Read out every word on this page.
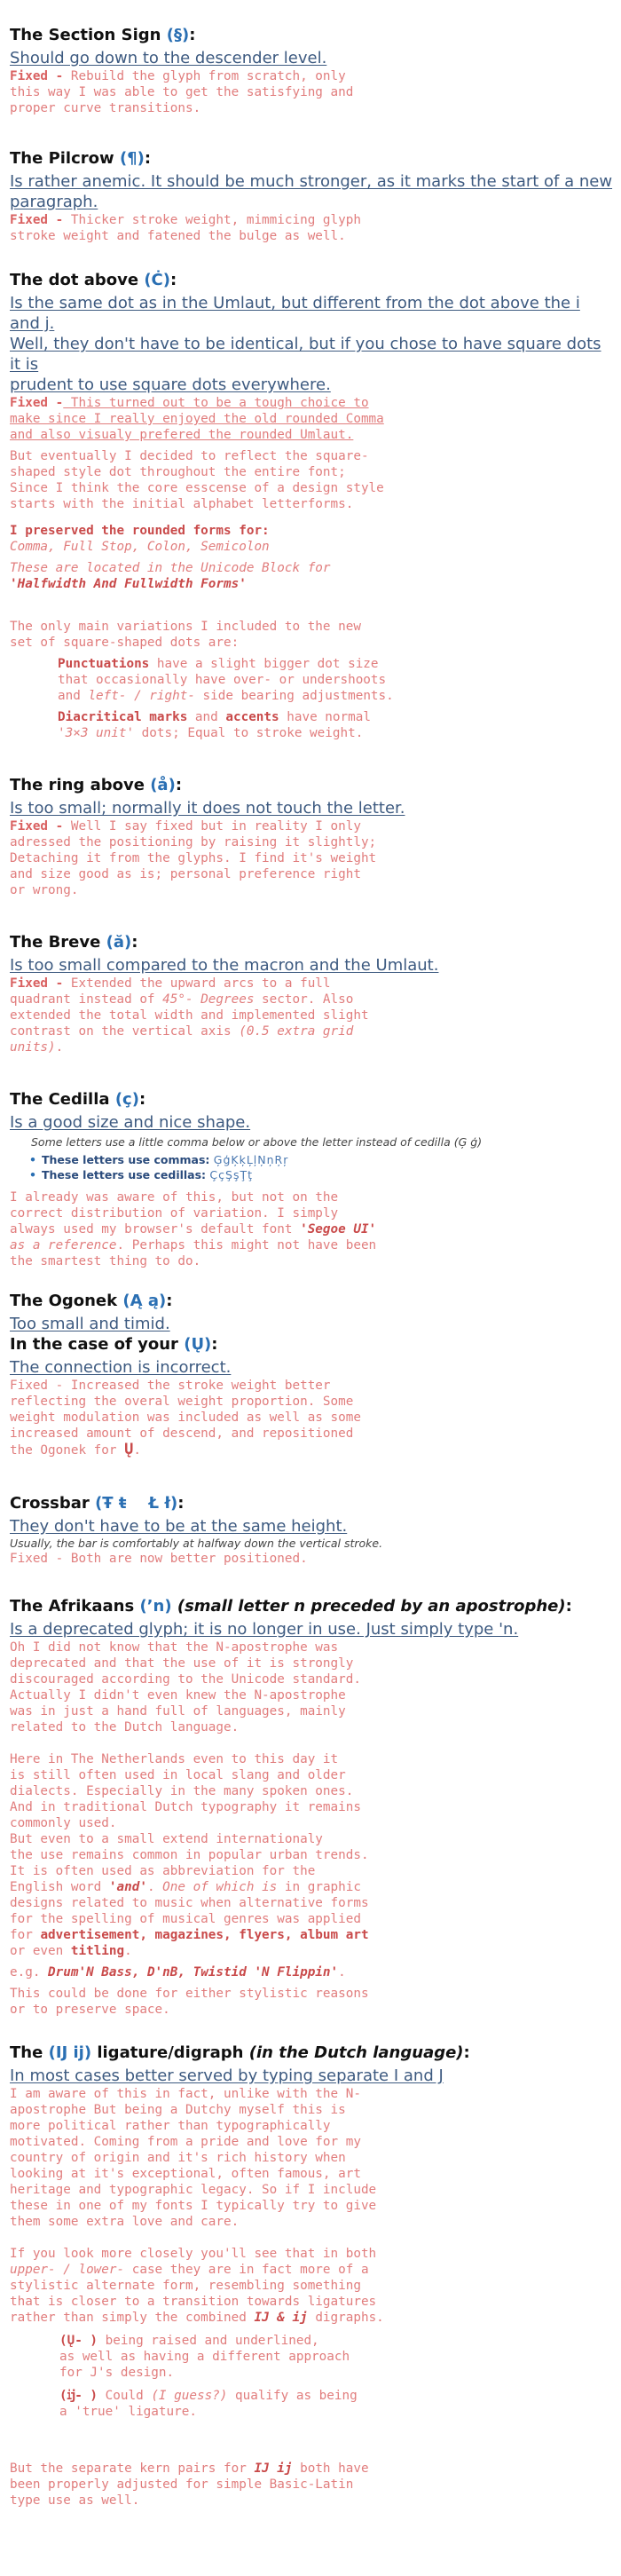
The Section Sign (§):

Should go down to the descender level.

Fixed - Rebuild the glyph from scratch, only

this way I was able to get the satisfying and

proper curve transitions.

The Pilcrow (¶):

Is rather anemic. It should be much stronger, as it marks the start of a new

paragraph.

Fixed - Thicker stroke weight, mimmicing glyph

stroke weight and fatened the bulge as well.

The dot above (Ċ):

Is the same dot as in the Umlaut, but different from the dot above the i and j.

Well, they don't have to be identical, but if you chose to have square dots it is

prudent to use square dots everywhere.

Fixed - This turned out to be a tough choice to

make since I really enjoyed the old rounded Comma

and also visualy prefered the rounded Umlaut.

But eventually I decided to reflect the square-

shaped style dot throughout the entire font;

Since I think the core esscense of a design style

starts with the initial alphabet letterforms.

I preserved the rounded forms for:

Comma, Full Stop, Colon, Semicolon

These are located in the Unicode Block for

'Halfwidth And Fullwidth Forms'

The only main variations I included to the new

set of square-shaped dots are:

Punctuations have a slight bigger dot size

that occasionally have over- or undershoots

and left- / right- side bearing adjustments.

Diacritical marks and accents have normal

'3×3 unit' dots; Equal to stroke weight.

The ring above (å):

Is too small; normally it does not touch the letter.

Fixed - Well I say fixed but in reality I only

adressed the positioning by raising it slightly;

Detaching it from the glyphs. I find it's weight

and size good as is; personal preference right

or wrong.

The Breve (ă):

Is too small compared to the macron and the Umlaut.

Fixed - Extended the upward arcs to a full

quadrant instead of 45°- Degrees sector. Also

extended the total width and implemented slight

contrast on the vertical axis (0.5 extra grid

units).

The Cedilla (ç):

Is a good size and nice shape.

Some letters use a little comma below or above the letter instead of cedilla (Ģ ģ)

• These letters use commas: ĢģĶķĻļŅņŖŗ

• These letters use cedillas: ÇçŞşŢţ

I already was aware of this, but not on the

correct distribution of variation. I simply

always used my browser's default font 'Segoe UI'

as a reference. Perhaps this might not have been

the smartest thing to do.

The Ogonek (Ą ą):

Too small and timid.

In the case of your (Ų):

The connection is incorrect.

Fixed - Increased the stroke weight better

reflecting the overal weight proportion. Some

weight modulation was included as well as some

increased amount of descend, and repositioned

the Ogonek for Ų.

Crossbar (Ŧ ŧ    Ł ł):

They don't have to be at the same height.

Usually, the bar is comfortably at halfway down the vertical stroke.

Fixed - Both are now better positioned.

The Afrikaans (ʼn) (small letter n preceded by an apostrophe):

Is a deprecated glyph; it is no longer in use. Just simply type 'n.

Oh I did not know that the N-apostrophe was

deprecated and that the use of it is strongly

discouraged according to the Unicode standard.

Actually I didn't even knew the N-apostrophe

was in just a hand full of languages, mainly

related to the Dutch language.

Here in The Netherlands even to this day it

is still often used in local slang and older

dialects. Especially in the many spoken ones.

And in traditional Dutch typography it remains

commonly used.

But even to a small extend internationaly

the use remains common in popular urban trends.

It is often used as abbreviation for the

English word 'and'. One of which is in graphic

designs related to music when alternative forms

for the spelling of musical genres was applied

for advertisement, magazines, flyers, album art

or even titling.

e.g. Drum'N Bass, D'nB, Twistid 'N Flippin'.

This could be done for either stylistic reasons

or to preserve space.

The (Ĳ ĳ) ligature/digraph (in the Dutch language):

In most cases better served by typing separate I and J

I am aware of this in fact, unlike with the N-

apostrophe But being a Dutchy myself this is

more political rather than typographically

motivated. Coming from a pride and love for my

country of origin and it's rich history when

looking at it's exceptional, often famous, art

heritage and typographic legacy. So if I include

these in one of my fonts I typically try to give

them some extra love and care.

If you look more closely you'll see that in both

upper- / lower- case they are in fact more of a

stylistic alternate form, resembling something

that is closer to a transition towards ligatures

rather than simply the combined IJ & ij digraphs.

(Ų- ) being raised and underlined,

as well as having a different approach

for J's design.

(ĳ- ) Could (I guess?) qualify as being

a 'true' ligature.

But the separate kern pairs for IJ ij both have

been properly adjusted for simple Basic-Latin

type use as well.
